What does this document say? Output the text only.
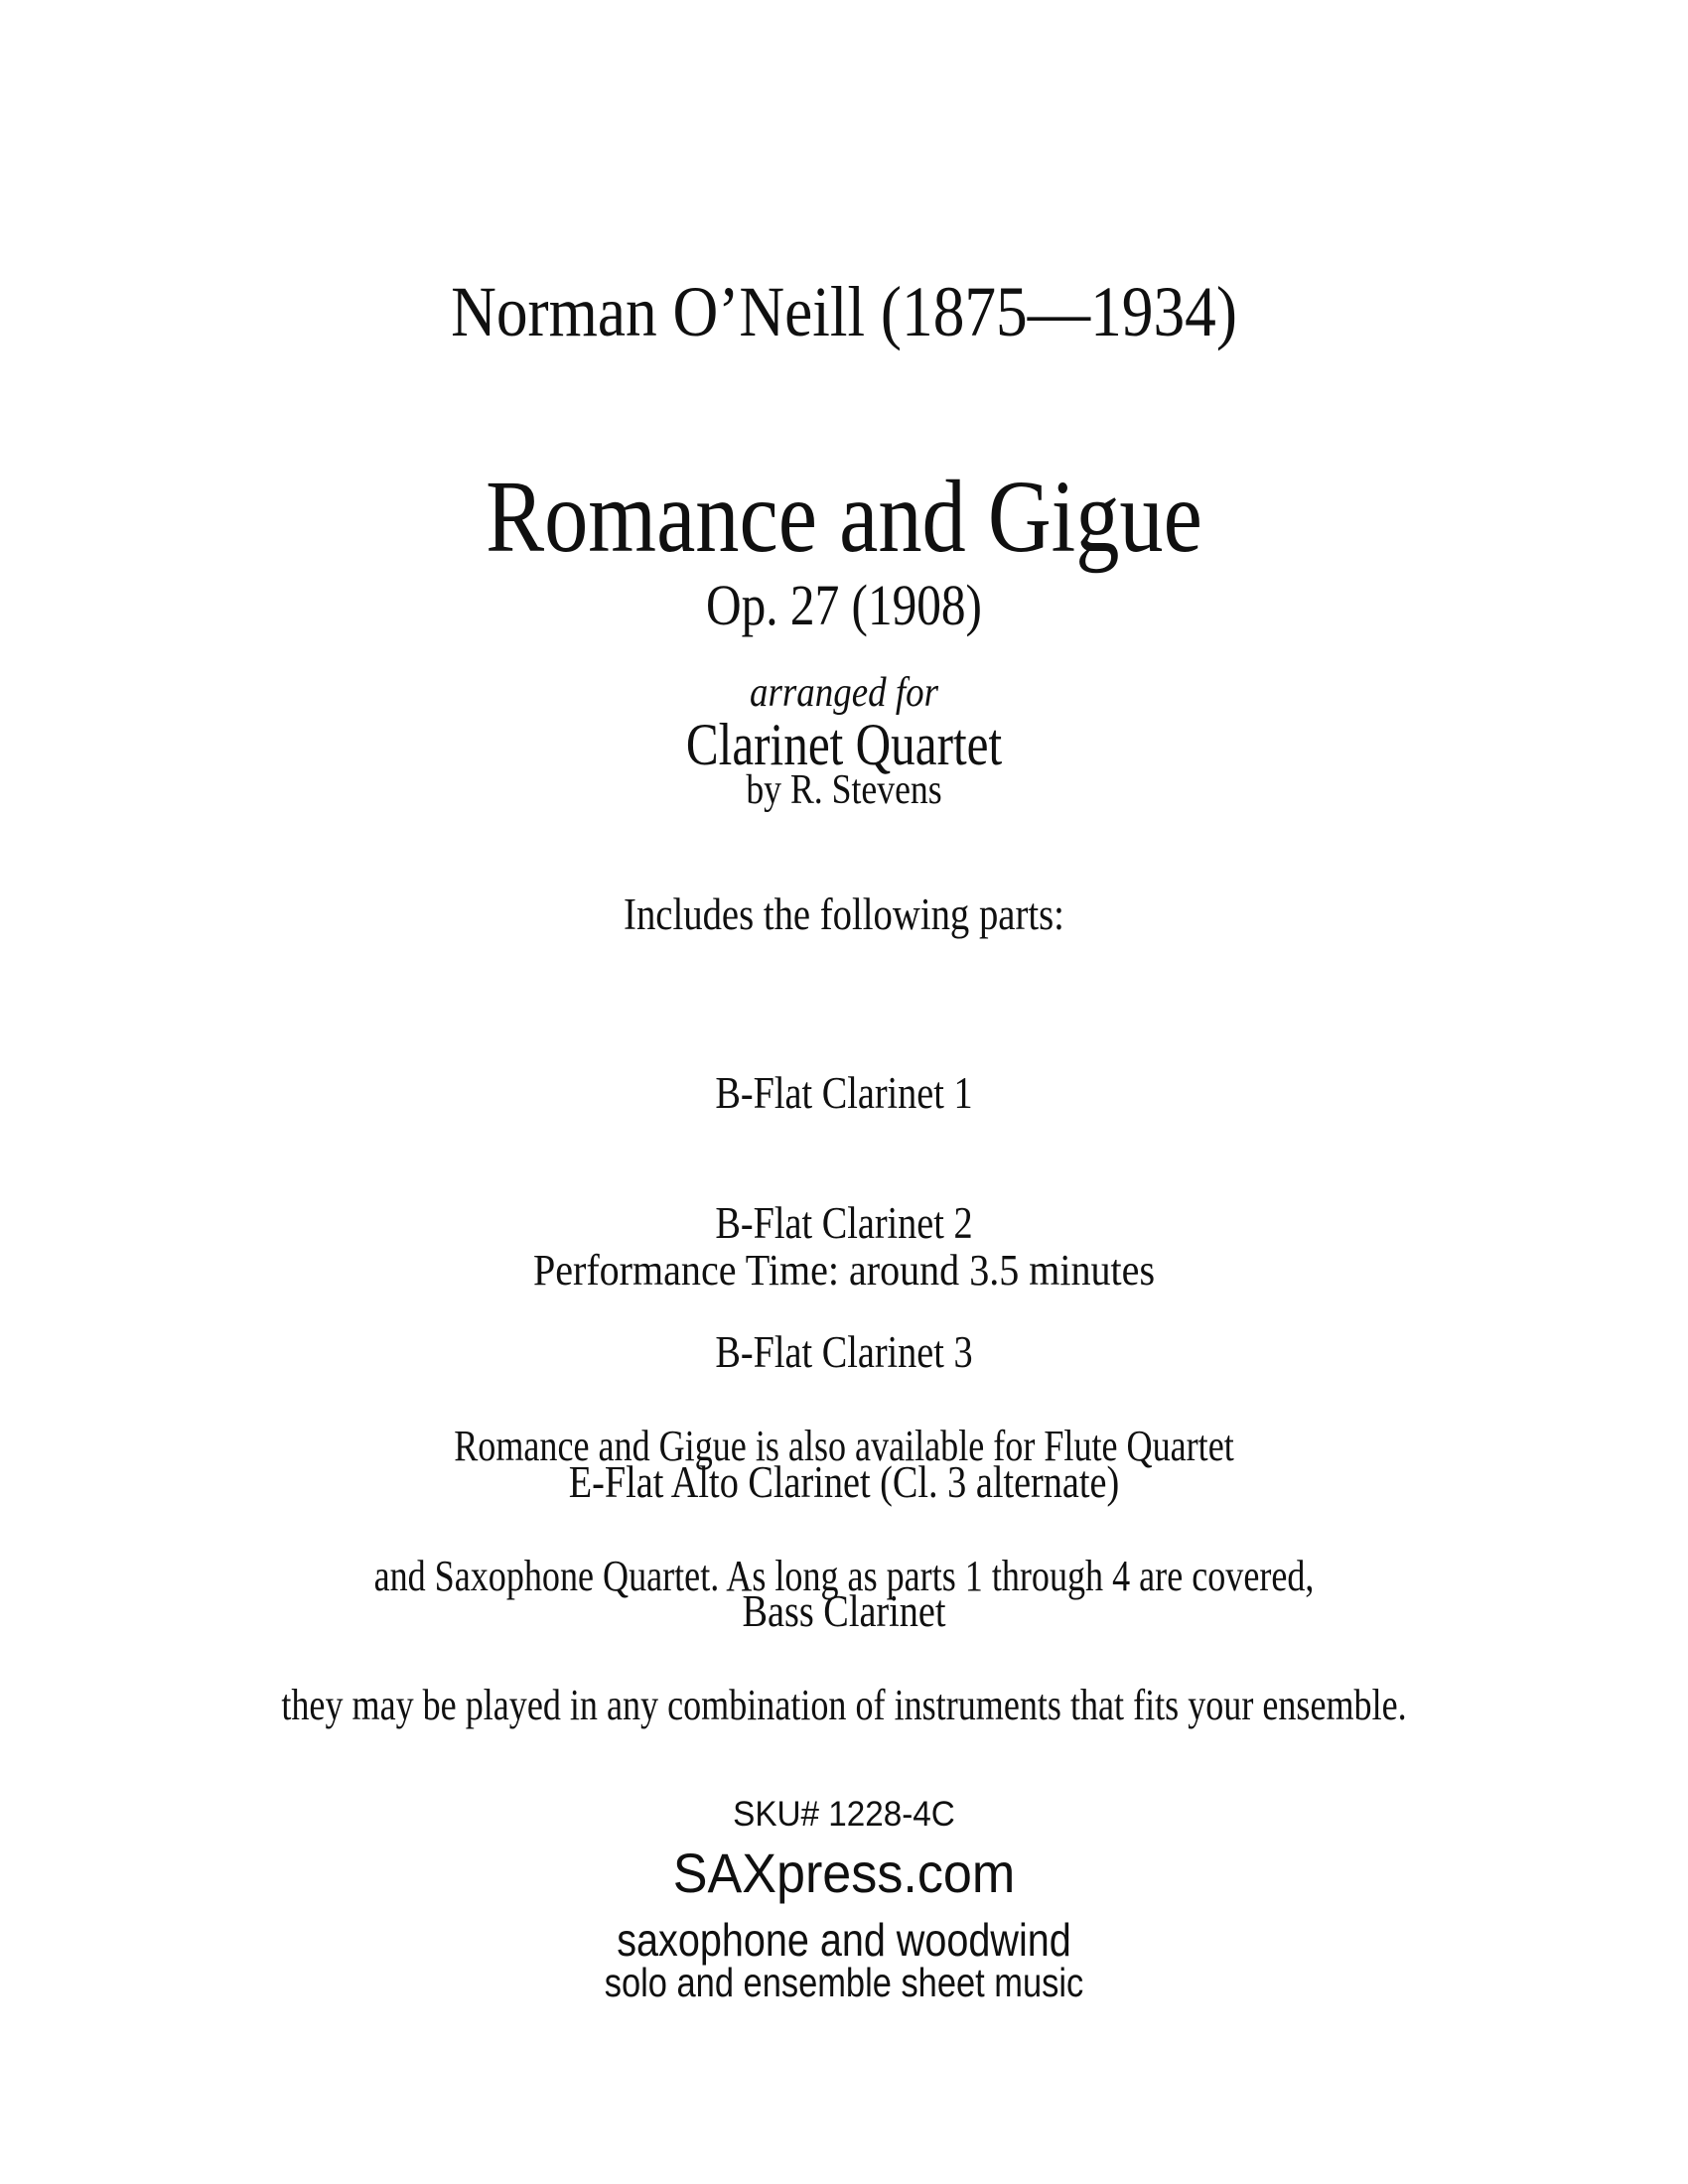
Norman O’Neill (1875—1934)
Romance and Gigue
Op. 27 (1908)
arranged for
Clarinet Quartet
by R. Stevens
Includes the following parts:

B-Flat Clarinet 1

B-Flat Clarinet 2

B-Flat Clarinet 3

E-Flat Alto Clarinet (Cl. 3 alternate)

Bass Clarinet

Performance Time: around 3.5 minutes

Romance and Gigue is also available for Flute Quartet

and Saxophone Quartet. As long as parts 1 through 4 are covered,

they may be played in any combination of instruments that fits your ensemble.

SKU# 1228-4C
SAXpress.com
saxophone and woodwind
solo and ensemble sheet music
